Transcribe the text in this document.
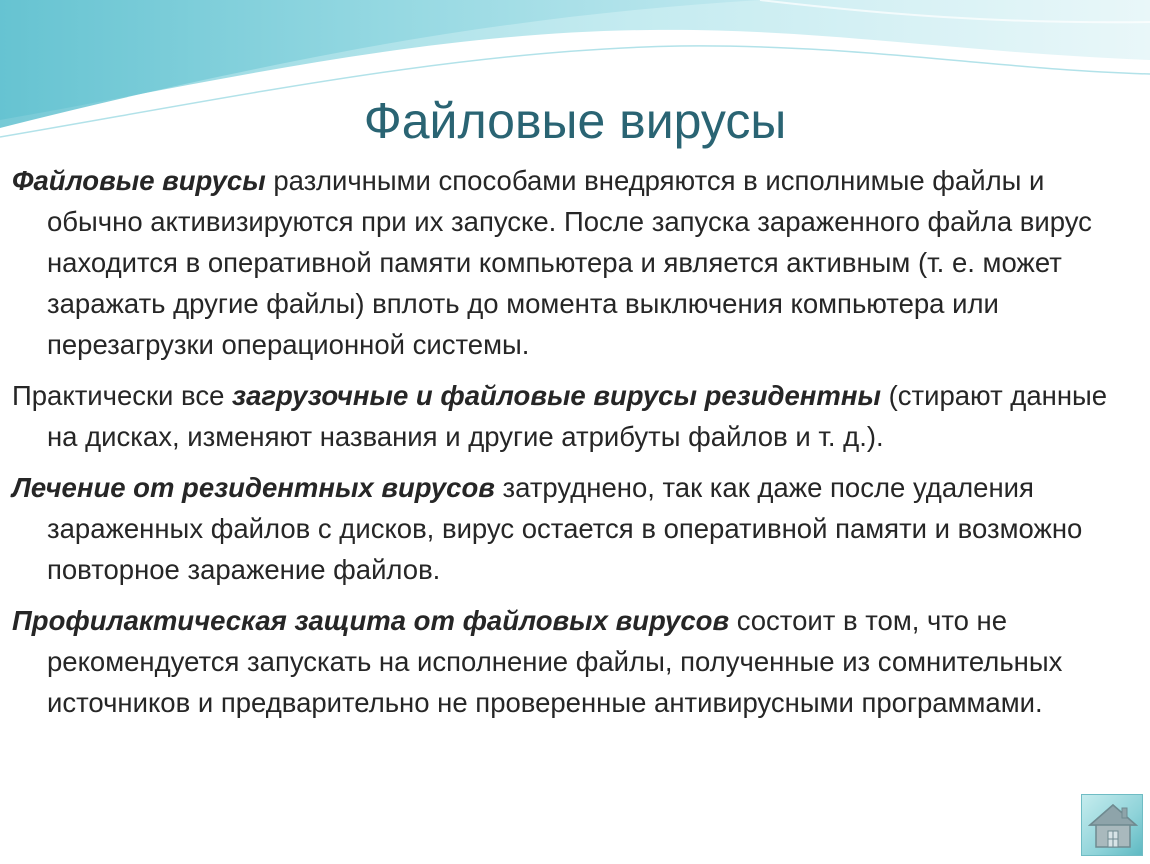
Файловые вирусы

Файловые вирусы различными способами внедряются в исполнимые файлы и обычно активизируются при их запуске. После запуска зараженного файла вирус находится в оперативной памяти компьютера и является активным (т. е. может заражать другие файлы) вплоть до момента выключения компьютера или перезагрузки операционной системы.

Практически все загрузочные и файловые вирусы резидентны (стирают данные на дисках, изменяют названия и другие атрибуты файлов и т. д.).

Лечение от резидентных вирусов затруднено, так как даже после удаления зараженных файлов с дисков, вирус остается в оперативной памяти и возможно повторное заражение файлов.

Профилактическая защита от файловых вирусов состоит в том, что не рекомендуется запускать на исполнение файлы, полученные из сомнительных источников и предварительно не проверенные антивирусными программами.
